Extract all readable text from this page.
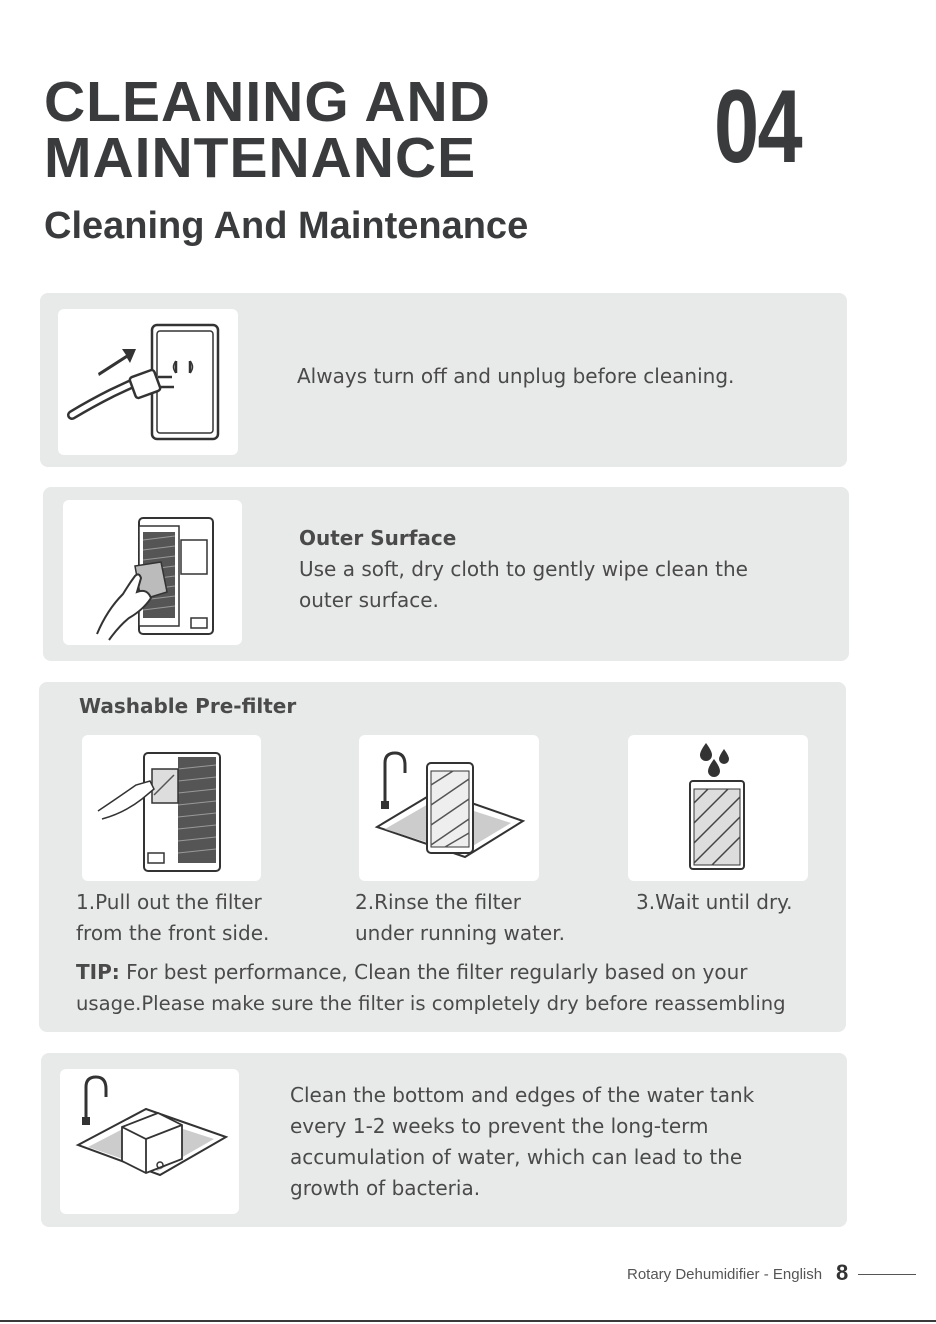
CLEANING AND
MAINTENANCE 04
Cleaning And Maintenance
Always turn off and unplug before cleaning.
Outer Surface
Use a soft, dry cloth to gently wipe clean the
outer surface.
Washable Pre-filter
1.Pull out the filter
from the front side.
2.Rinse the filter
under running water.
3.Wait until dry.
TIP: For best performance, Clean the filter regularly based on your
usage.Please make sure the filter is completely dry before reassembling
Clean the bottom and edges of the water tank
every 1-2 weeks to prevent the long-term
accumulation of water, which can lead to the
growth of bacteria.
Rotary Dehumidifier - English 8
